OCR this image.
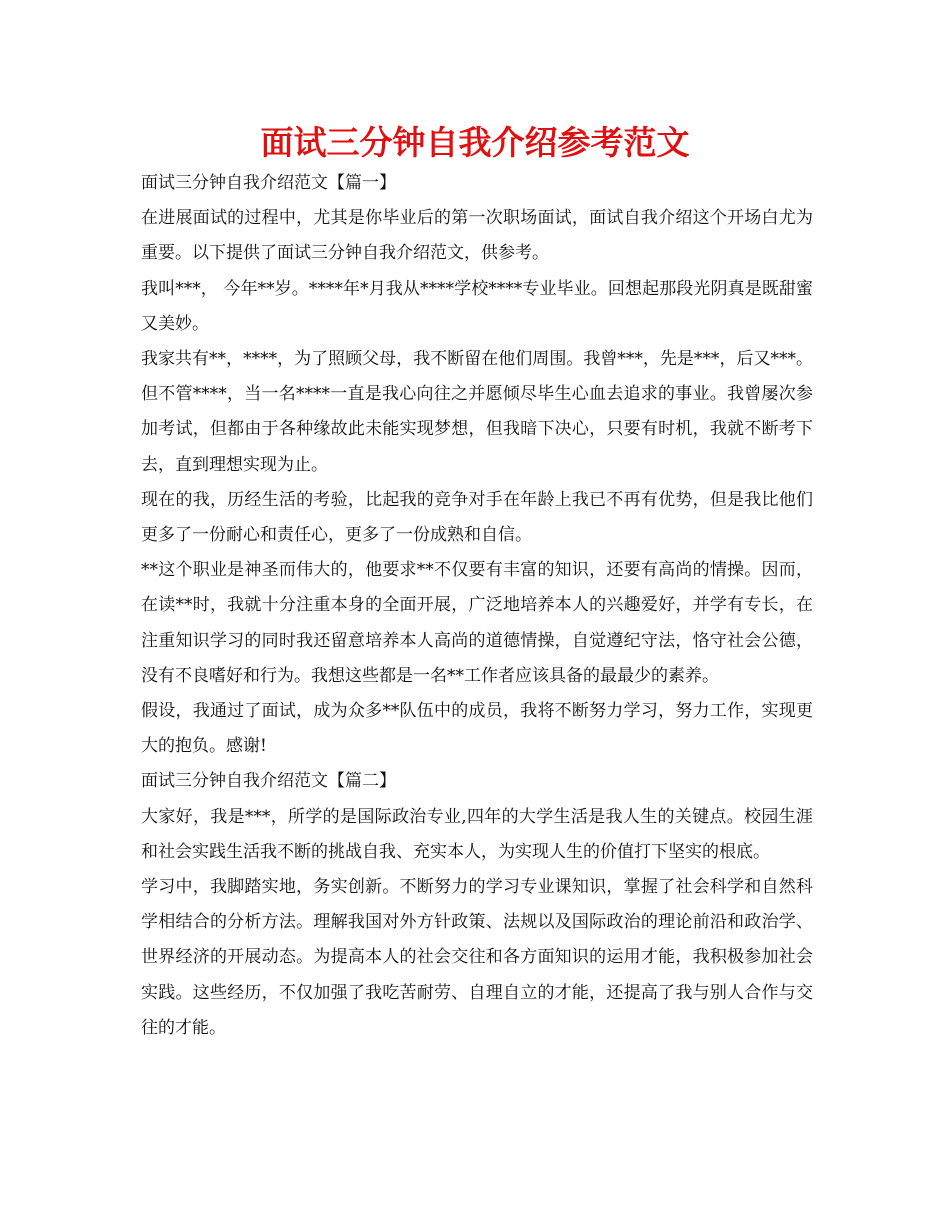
面试三分钟自我介绍参考范文

面试三分钟自我介绍范文【篇一】

在进展面试的过程中，尤其是你毕业后的第一次职场面试，面试自我介绍这个开场白尤为重要。以下提供了面试三分钟自我介绍范文，供参考。

我叫***， 今年**岁。****年*月我从****学校****专业毕业。回想起那段光阴真是既甜蜜又美妙。

我家共有**，****，为了照顾父母，我不断留在他们周围。我曾***，先是***，后又***。但不管****，当一名****一直是我心向往之并愿倾尽毕生心血去追求的事业。我曾屡次参加考试，但都由于各种缘故此未能实现梦想，但我暗下决心，只要有时机，我就不断考下去，直到理想实现为止。

现在的我，历经生活的考验，比起我的竞争对手在年龄上我已不再有优势，但是我比他们更多了一份耐心和责任心，更多了一份成熟和自信。

**这个职业是神圣而伟大的，他要求**不仅要有丰富的知识，还要有高尚的情操。因而，在读**时，我就十分注重本身的全面开展，广泛地培养本人的兴趣爱好，并学有专长，在注重知识学习的同时我还留意培养本人高尚的道德情操，自觉遵纪守法，恪守社会公德，没有不良嗜好和行为。我想这些都是一名**工作者应该具备的最最少的素养。

假设，我通过了面试，成为众多**队伍中的成员，我将不断努力学习，努力工作，实现更大的抱负。感谢!

面试三分钟自我介绍范文【篇二】

大家好，我是***，所学的是国际政治专业,四年的大学生活是我人生的关键点。校园生涯和社会实践生活我不断的挑战自我、充实本人，为实现人生的价值打下坚实的根底。

学习中，我脚踏实地，务实创新。不断努力的学习专业课知识，掌握了社会科学和自然科学相结合的分析方法。理解我国对外方针政策、法规以及国际政治的理论前沿和政治学、世界经济的开展动态。为提高本人的社会交往和各方面知识的运用才能，我积极参加社会实践。这些经历，不仅加强了我吃苦耐劳、自理自立的才能，还提高了我与别人合作与交往的才能。
